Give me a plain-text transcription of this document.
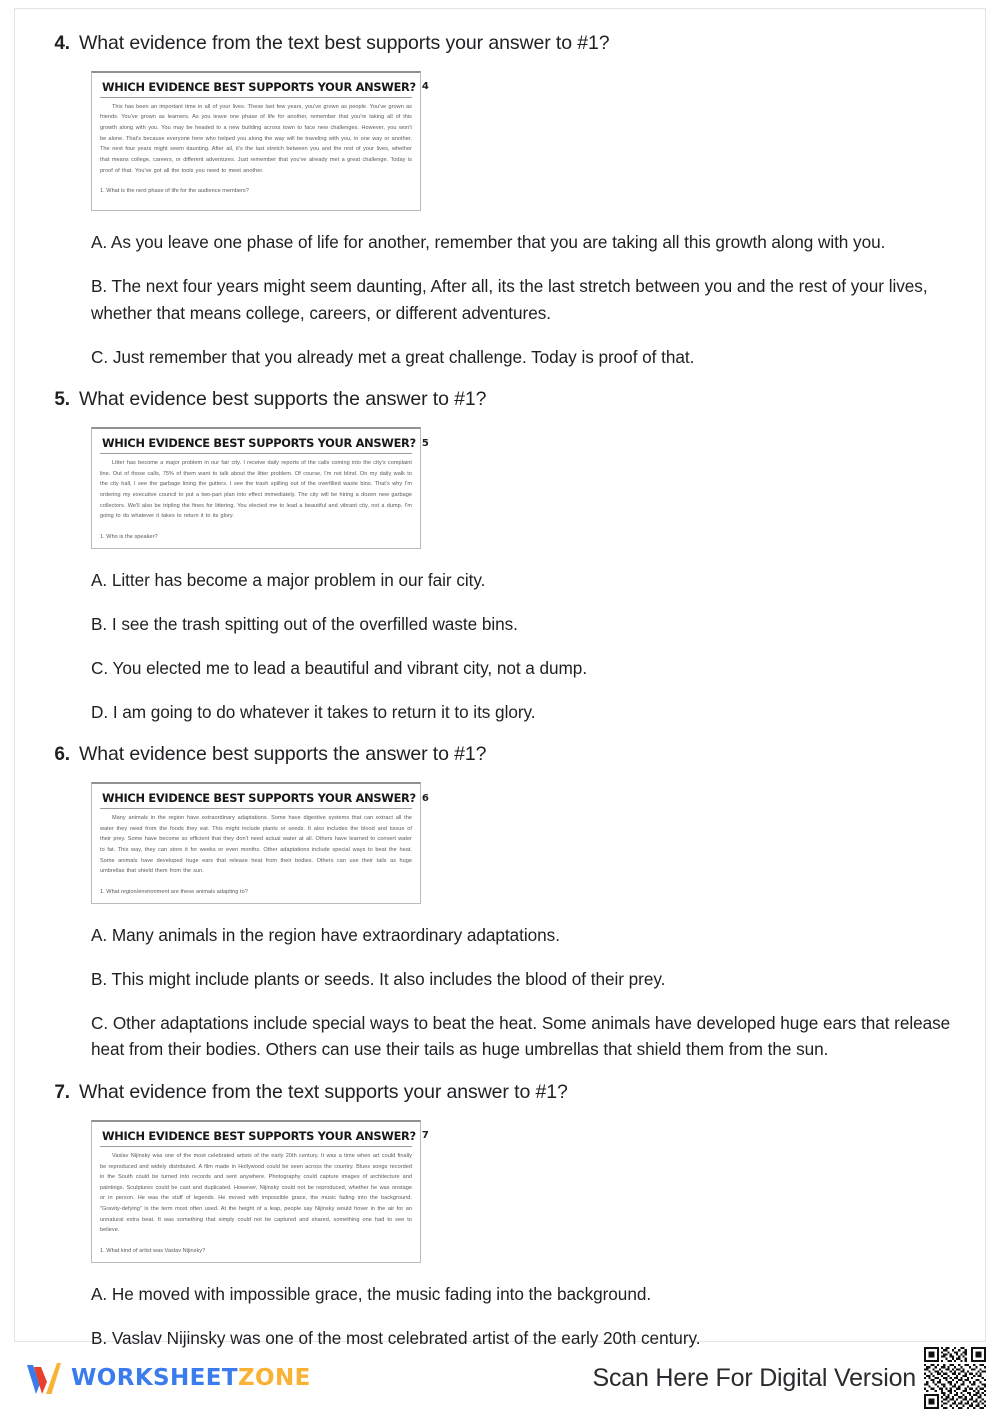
4. What evidence from the text best supports your answer to #1?
WHICH EVIDENCE BEST SUPPORTS YOUR ANSWER? 4
This has been an important time in all of your lives. These last few years, you've grown as people. You've grown as friends. You've grown as learners. As you leave one phase of life for another, remember that you're taking all of this growth along with you. You may be headed to a new building across town to face new challenges. However, you won't be alone. That's because everyone here who helped you along the way will be traveling with you, in one way or another. The next four years might seem daunting. After all, it's the last stretch between you and the rest of your lives, whether that means college, careers, or different adventures. Just remember that you've already met a great challenge. Today is proof of that. You've got all the tools you need to meet another.
1. What is the next phase of life for the audience members?
A. As you leave one phase of life for another, remember that you are taking all this growth along with you.
B. The next four years might seem daunting, After all, its the last stretch between you and the rest of your lives, whether that means college, careers, or different adventures.
C. Just remember that you already met a great challenge. Today is proof of that.
5. What evidence best supports the answer to #1?
WHICH EVIDENCE BEST SUPPORTS YOUR ANSWER? 5
Litter has become a major problem in our fair city. I receive daily reports of the calls coming into the city's complaint line. Out of those calls, 75% of them want to talk about the litter problem. Of course, I'm not blind. On my daily walk to the city hall, I see the garbage lining the gutters. I see the trash spilling out of the overfilled waste bins. That's why I'm ordering my executive council to put a two-part plan into effect immediately. The city will be hiring a dozen new garbage collectors. We'll also be tripling the fines for littering. You elected me to lead a beautiful and vibrant city, not a dump. I'm going to do whatever it takes to return it to its glory.
1. Who is the speaker?
A. Litter has become a major problem in our fair city.
B. I see the trash spitting out of the overfilled waste bins.
C. You elected me to lead a beautiful and vibrant city, not a dump.
D. I am going to do whatever it takes to return it to its glory.
6. What evidence best supports the answer to #1?
WHICH EVIDENCE BEST SUPPORTS YOUR ANSWER? 6
Many animals in the region have extraordinary adaptations. Some have digestive systems that can extract all the water they need from the foods they eat. This might include plants or seeds. It also includes the blood and tissue of their prey. Some have become so efficient that they don't need actual water at all. Others have learned to convert water to fat. This way, they can store it for weeks or even months. Other adaptations include special ways to beat the heat. Some animals have developed huge ears that release heat from their bodies. Others can use their tails as huge umbrellas that shield them from the sun.
1. What region/environment are these animals adapting to?
A. Many animals in the region have extraordinary adaptations.
B. This might include plants or seeds. It also includes the blood of their prey.
C. Other adaptations include special ways to beat the heat. Some animals have developed huge ears that release heat from their bodies. Others can use their tails as huge umbrellas that shield them from the sun.
7. What evidence from the text supports your answer to #1?
WHICH EVIDENCE BEST SUPPORTS YOUR ANSWER? 7
Vaslav Nijinsky was one of the most celebrated artists of the early 20th century. It was a time when art could finally be reproduced and widely distributed. A film made in Hollywood could be seen across the country. Blues songs recorded in the South could be turned into records and sent anywhere. Photography could capture images of architecture and paintings. Sculptures could be cast and duplicated. However, Nijinsky could not be reproduced, whether he was onstage or in person. He was the stuff of legends. He moved with impossible grace, the music fading into the background. "Gravity-defying" is the term most often used. At the height of a leap, people say Nijinsky would hover in the air for an unnatural extra beat. It was something that simply could not be captured and shared, something one had to see to believe.
1. What kind of artist was Vaslav Nijinsky?
A. He moved with impossible grace, the music fading into the background.
B. Vaslav Nijinsky was one of the most celebrated artist of the early 20th century.
WORKSHEETZONE	Scan Here For Digital Version
